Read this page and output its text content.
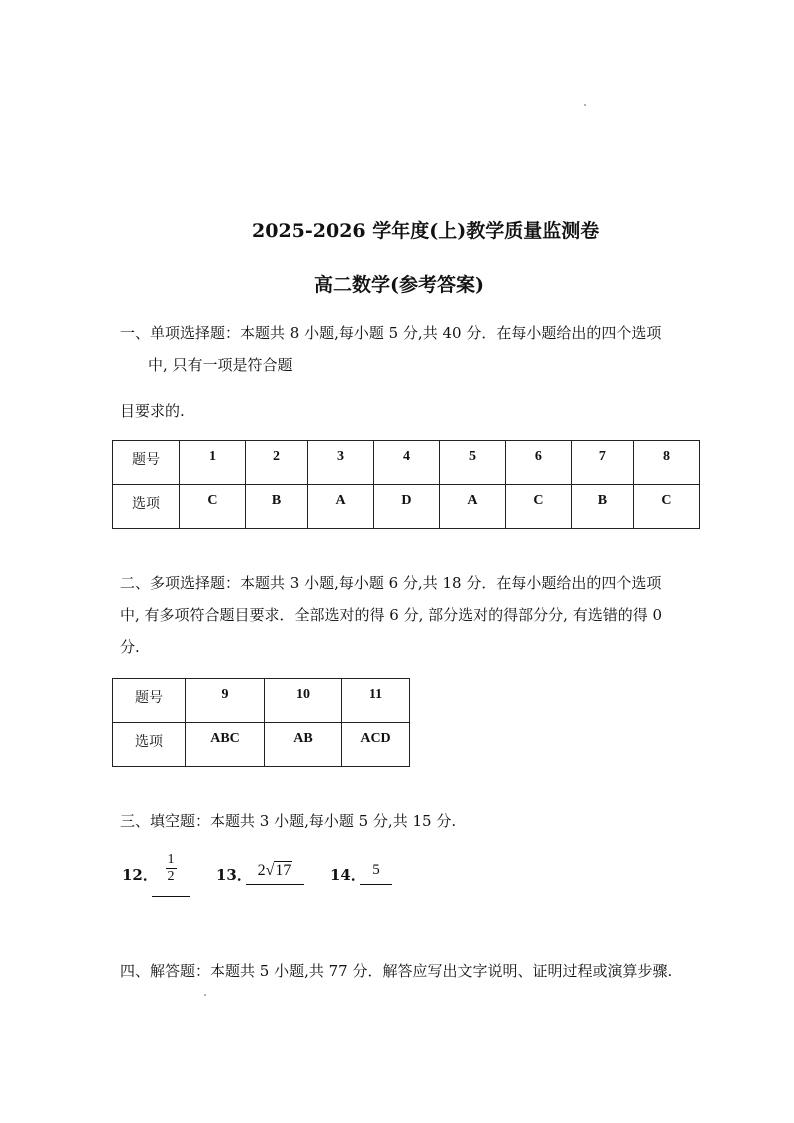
2025-2026 学年度(上)教学质量监测卷
高二数学(参考答案)
一、单项选择题：本题共 8 小题,每小题 5 分,共 40 分．在每小题给出的四个选项
中, 只有一项是符合题
目要求的.
题号	1	2	3	4	5	6	7	8
选项	C	B	A	D	A	C	B	C
二、多项选择题：本题共 3 小题,每小题 6 分,共 18 分．在每小题给出的四个选项
中, 有多项符合题目要求．全部选对的得 6 分, 部分选对的得部分分, 有选错的得 0
分.
题号	9	10	11
选项	ABC	AB	ACD
三、填空题：本题共 3 小题,每小题 5 分,共 15 分.
12． $\frac{1}{2}$	13． 2√17	14． 5
四、解答题：本题共 5 小题,共 77 分．解答应写出文字说明、证明过程或演算步骤.
